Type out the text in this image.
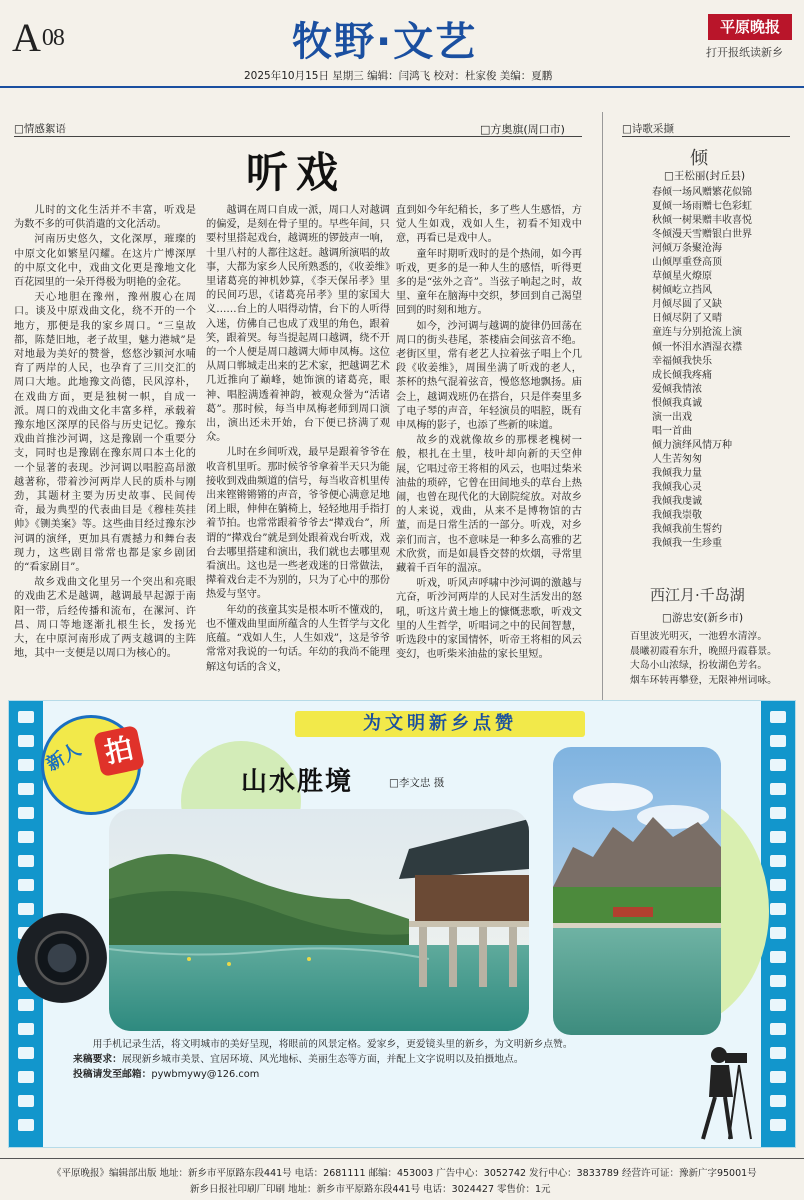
A08	牧野·文艺	平原晚报
打开报纸读新乡
2025年10月15日 星期三 编辑：闫鸿飞 校对：杜家俊 美编：夏鹏
□情感絮语	□方奥旗(周口市)	□诗歌采撷
听戏

儿时的文化生活并不丰富，听戏是为数不多的可供消遣的文化活动。

河南历史悠久，文化深厚，璀璨的中原文化如繁星闪耀。在这片广博深厚的中原文化中，戏曲文化更是豫地文化百花园里的一朵开得极为明艳的金花。

天心地胆在豫州，豫州腹心在周口。谈及中原戏曲文化，绕不开的一个地方，那便是我的家乡周口。“三皇故都，陈楚旧地，老子故里，魅力港城”是对地最为美好的赞誉，悠悠沙颍河水哺育了两岸的人民，也孕育了三川交汇的周口大地。此地豫文尚德，民风淳朴，在戏曲方面，更是独树一帜，自成一派。周口的戏曲文化丰富多样，承载着豫东地区深厚的民俗与历史记忆。豫东戏曲首推沙河调，这是豫剧一个重要分支，同时也是豫剧在豫东周口本土化的一个显著的表现。沙河调以唱腔高昂激越著称，带着沙河两岸人民的质朴与刚劲，其题材主要为历史故事、民间传奇，最为典型的代表曲目是《穆桂英挂帅》《铡美案》等。这些曲目经过豫东沙河调的演绎，更加具有震撼力和舞台表现力，这些剧目常常也都是家乡剧团的“看家剧目”。

故乡戏曲文化里另一个突出和亮眼的戏曲艺术是越调，越调最早起源于南阳一带，后经传播和流布，在漯河、许昌、周口等地逐渐扎根生长，发扬光大，在中原河南形成了两支越调的主阵地，其中一支便是以周口为核心的。

越调在周口自成一派，周口人对越调的偏爱，是刻在骨子里的。早些年间，只要村里搭起戏台，越调班的锣鼓声一响，十里八村的人都往这赶。越调所演唱的故事，大都为家乡人民所熟悉的，《收姜维》里诸葛亮的神机妙算，《李天保吊孝》里的民间巧思，《诸葛亮吊孝》里的家国大义……台上的人唱得动情，台下的人听得入迷，仿佛自己也成了戏里的角色，跟着笑，跟着哭。每当提起周口越调，绕不开的一个人便是周口越调大师申凤梅。这位从周口郸城走出来的艺术家，把越调艺术几近推向了巅峰，她饰演的诸葛亮，眼神、唱腔满透着神韵，被观众誉为“活诸葛”。那时候，每当申凤梅老师到周口演出，演出还未开始，台下便已挤满了观众。

儿时在乡间听戏，最早是跟着爷爷在收音机里听。那时候爷爷拿着半天只为能接收到戏曲频道的信号，每当收音机里传出来铿锵锵锵的声音，爷爷便心满意足地闭上眼，伸伸在躺椅上，轻轻地用手指打着节拍。也常常跟着爷爷去“撵戏台”，所谓的“撵戏台”就是到处跟着戏台听戏，戏台去哪里搭建和演出，我们就也去哪里观看演出。这也是一些老戏迷的日常做法，撵着戏台走不为别的，只为了心中的那份热爱与坚守。

年幼的孩童其实是根本听不懂戏的，也不懂戏曲里面所蕴含的人生哲学与文化底蕴。“戏如人生，人生如戏”，这是爷爷常常对我说的一句话。年幼的我尚不能理解这句话的含义，

直到如今年纪稍长，多了些人生感悟，方觉人生如戏，戏如人生，初看不知戏中意，再看已是戏中人。

童年时期听戏时的是个热闹，如今再听戏，更多的是一种人生的感悟，听得更多的是“弦外之音”。当弦子响起之时，故里、童年在脑海中交织，梦回到自己渴望回到的时刻和地方。

如今，沙河调与越调的旋律仍回荡在周口的街头巷尾，茶楼庙会间弦音不绝。老街区里，常有老艺人拉着弦子唱上个几段《收姜维》，周围坐满了听戏的老人，茶杯的热气混着弦音，慢悠悠地飘扬。庙会上，越调戏班仍在搭台，只是伴奏里多了电子琴的声音，年轻演员的唱腔，既有申凤梅的影子，也添了些新的味道。

故乡的戏就像故乡的那棵老槐树一般，根扎在土里，枝叶却向新的天空伸展，它唱过帝王将相的风云，也唱过柴米油盐的琐碎，它曾在田间地头的草台上热闹，也曾在现代化的大剧院绽放。对故乡的人来说，戏曲，从来不是博物馆的古董，而是日常生活的一部分。听戏，对乡亲们而言，也不意味是一种多么高雅的艺术欣赏，而是如晨昏交替的炊烟，寻常里藏着千百年的温凉。

听戏，听风声呼啸中沙河调的激越与亢奋，听沙河两岸的人民对生活发出的怒吼，听这片黄土地上的慷慨悲歌，听戏文里的人生哲学，听唱词之中的民间智慧，听选段中的家国情怀，听帝王将相的风云变幻，也听柴米油盐的家长里短。

倾
□王松丽(封丘县)
春倾一场风赠繁花似锦
夏倾一场雨赠七色彩虹
秋倾一树果赠丰收喜悦
冬倾漫天雪赠银白世界
河倾万条聚沧海
山倾厚重登高顶
草倾星火燎原
树倾屹立挡风
月倾尽圆了又缺
日倾尽阴了又晴
童连与分别抢流上演
倾一怀泪水酒湿衣襟
幸福倾我快乐
成长倾我疼痛
爱倾我情浓
恨倾我真诚
演一出戏
唱一首曲
倾力演绎风情万种
人生苦匆匆
我倾我力量
我倾我心灵
我倾我虔诚
我倾我崇敬
我倾我前生誓约
我倾我一生珍重
西江月·千岛湖
□游忠安(新乡市)
百里波光明灭，一池碧水清淳。
晨曦初霞看东升，晚照丹霞暮景。
大岛小山浓绿，扮妆湖色芳名。
烟车环转再攀登，无限神州词咏。
为文明新乡点赞
新人 拍
山水胜境	□李文忠 摄

用手机记录生活，将文明城市的美好呈现，将眼前的风景定格。爱家乡，更爱镜头里的新乡，为文明新乡点赞。

来稿要求：展现新乡城市美景、宜居环境、风光地标、美丽生态等方面，并配上文字说明以及拍摄地点。

投稿请发至邮箱：pywbmywy@126.com

《平原晚报》编辑部出版 地址：新乡市平原路东段441号 电话：2681111 邮编：453003 广告中心：3052742 发行中心：3833789 经营许可证：豫新广字95001号
新乡日报社印刷厂印刷 地址：新乡市平原路东段441号 电话：3024427 零售价：1元
